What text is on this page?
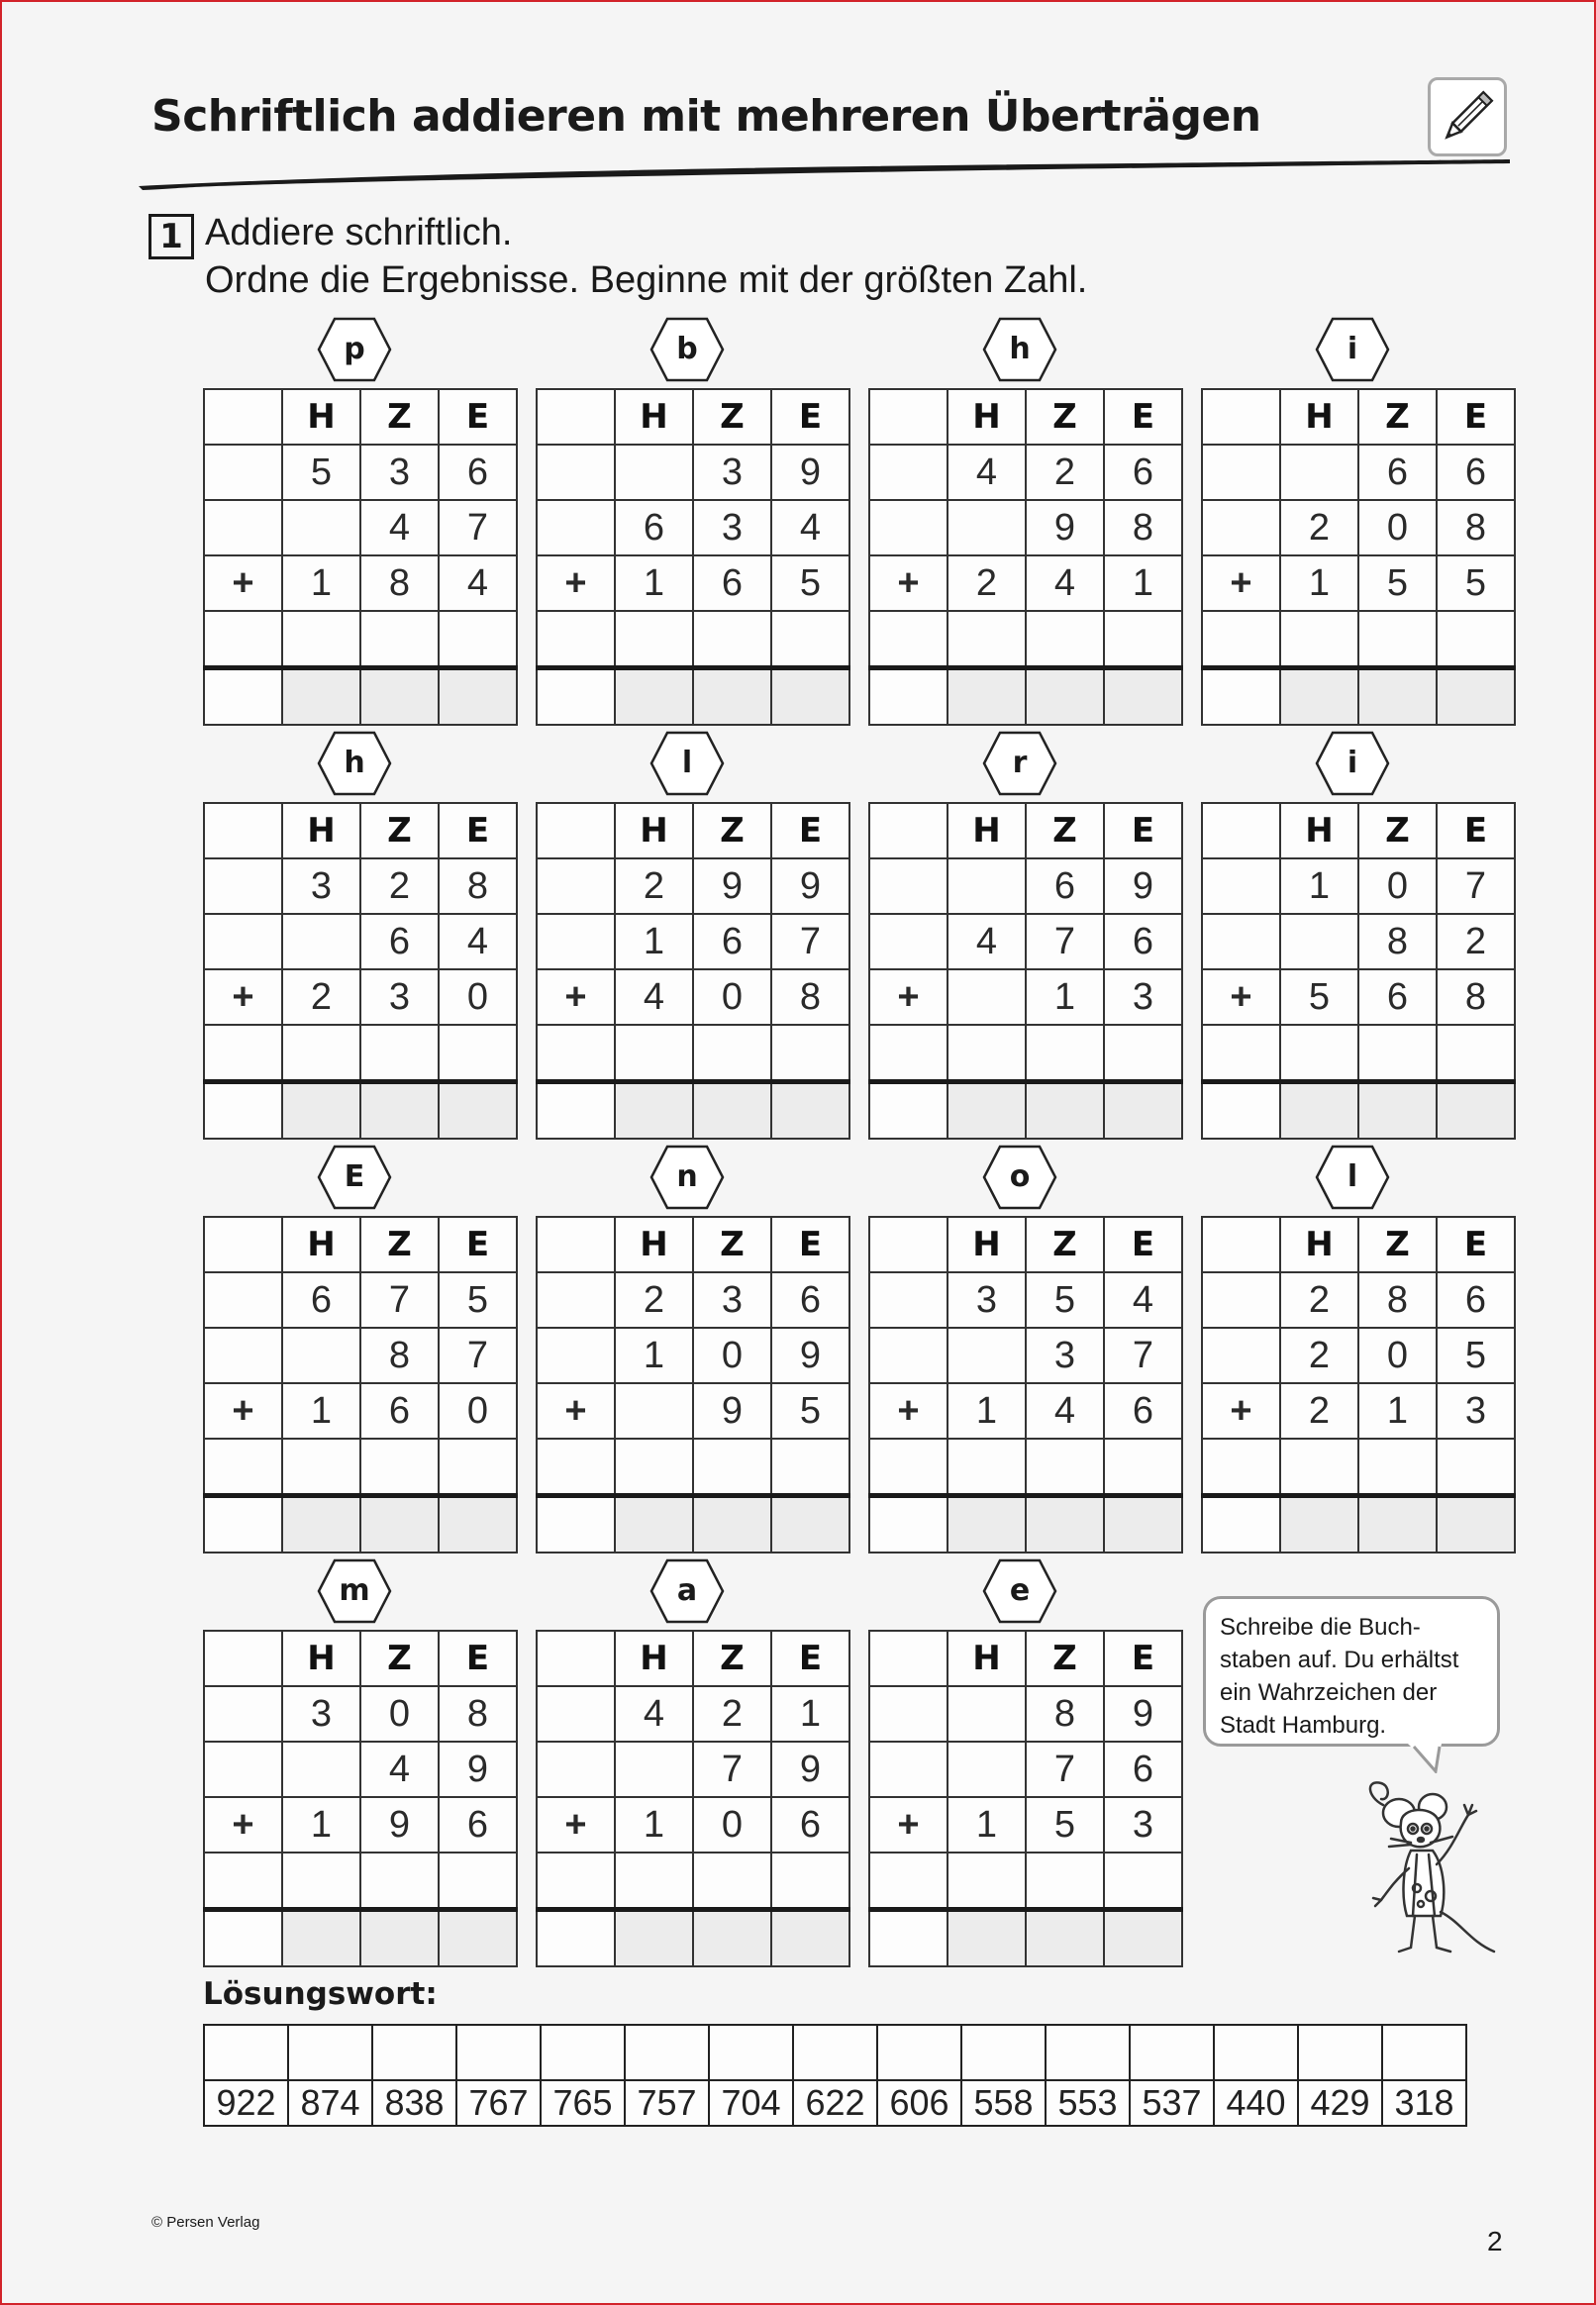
Schriftlich addieren mit mehreren Überträgen
1 Addiere schriftlich.
Ordne die Ergebnisse. Beginne mit der größten Zahl.
p
	H	Z	E
	5	3	6
		4	7
+	1	8	4

b
	H	Z	E
		3	9
	6	3	4
+	1	6	5

h
	H	Z	E
	4	2	6
		9	8
+	2	4	1

i
	H	Z	E
		6	6
	2	0	8
+	1	5	5

h
	H	Z	E
	3	2	8
		6	4
+	2	3	0

l
	H	Z	E
	2	9	9
	1	6	7
+	4	0	8

r
	H	Z	E
		6	9
	4	7	6
+		1	3

i
	H	Z	E
	1	0	7
		8	2
+	5	6	8

E
	H	Z	E
	6	7	5
		8	7
+	1	6	0

n
	H	Z	E
	2	3	6
	1	0	9
+		9	5

o
	H	Z	E
	3	5	4
		3	7
+	1	4	6

l
	H	Z	E
	2	8	6
	2	0	5
+	2	1	3

m
	H	Z	E
	3	0	8
		4	9
+	1	9	6

a
	H	Z	E
	4	2	1
		7	9
+	1	0	6

e
	H	Z	E
		8	9
		7	6
+	1	5	3

Schreibe die Buch-
staben auf. Du erhältst
ein Wahrzeichen der
Stadt Hamburg.
Lösungswort:

922	874	838	767	765	757	704	622	606	558	553	537	440	429	318
© Persen Verlag
2
